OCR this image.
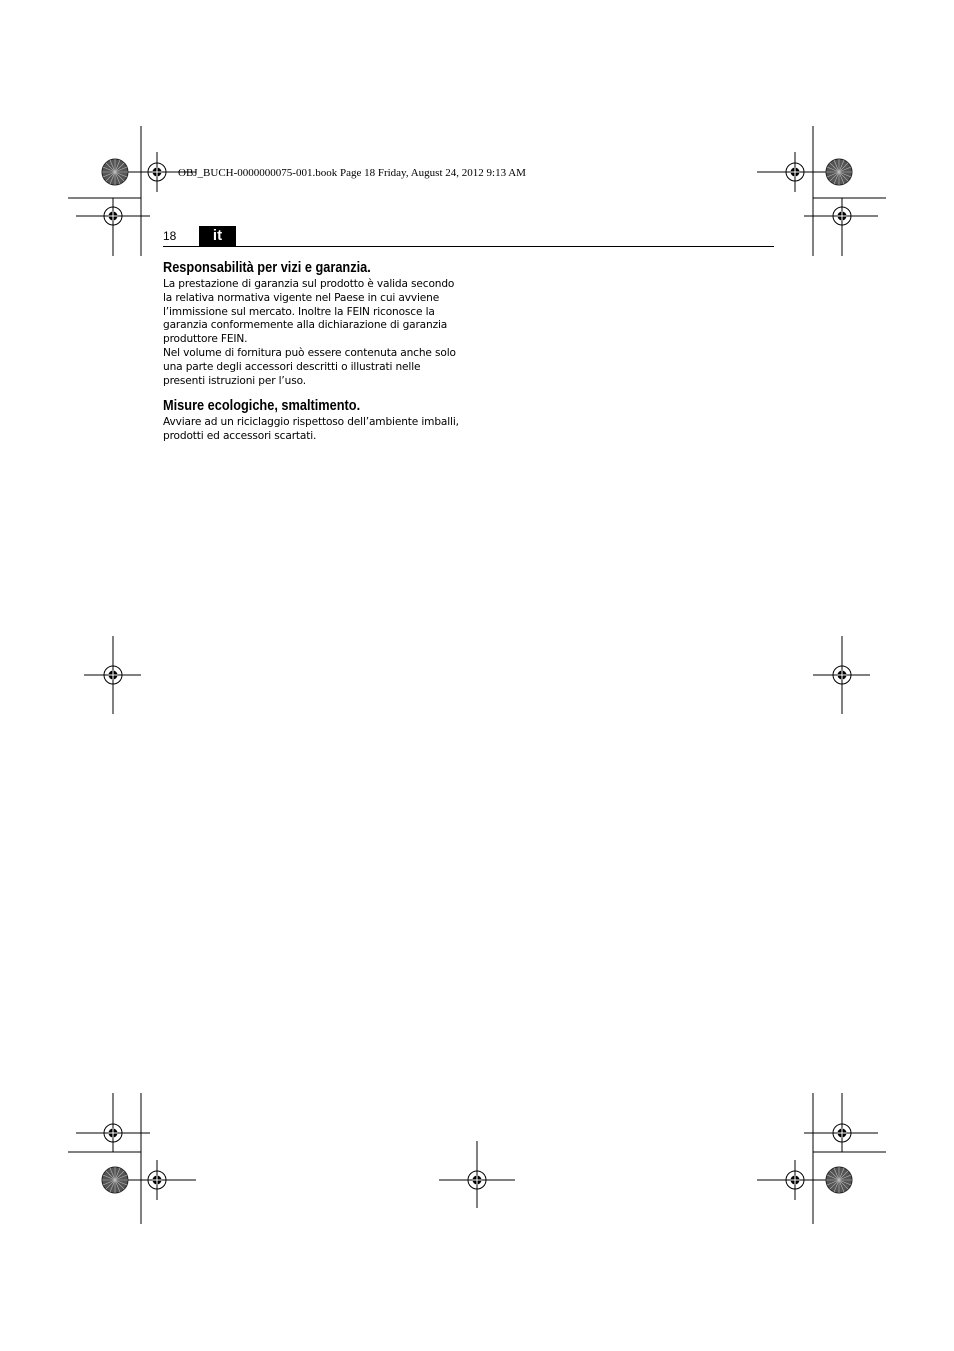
OBJ_BUCH-0000000075-001.book Page 18 Friday, August 24, 2012 9:13 AM
18	it
Responsabilità per vizi e garanzia.

La prestazione di garanzia sul prodotto è valida secondo la relativa normativa vigente nel Paese in cui avviene l’immissione sul mercato. Inoltre la FEIN riconosce la garanzia conformemente alla dichiarazione di garanzia produttore FEIN.

Nel volume di fornitura può essere contenuta anche solo una parte degli accessori descritti o illustrati nelle presenti istruzioni per l’uso.

Misure ecologiche, smaltimento.

Avviare ad un riciclaggio rispettoso dell’ambiente imballi, prodotti ed accessori scartati.
